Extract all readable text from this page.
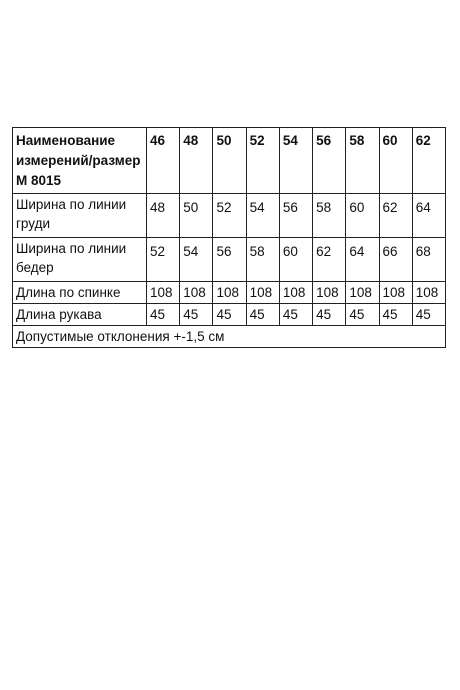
Наименование
измерений/размер
M 8015	46	48	50	52	54	56	58	60	62
Ширина по линии груди	48	50	52	54	56	58	60	62	64
Ширина по линии бедер	52	54	56	58	60	62	64	66	68
Длина по спинке	108	108	108	108	108	108	108	108	108
Длина рукава	45	45	45	45	45	45	45	45	45
Допустимые отклонения +-1,5 см									
